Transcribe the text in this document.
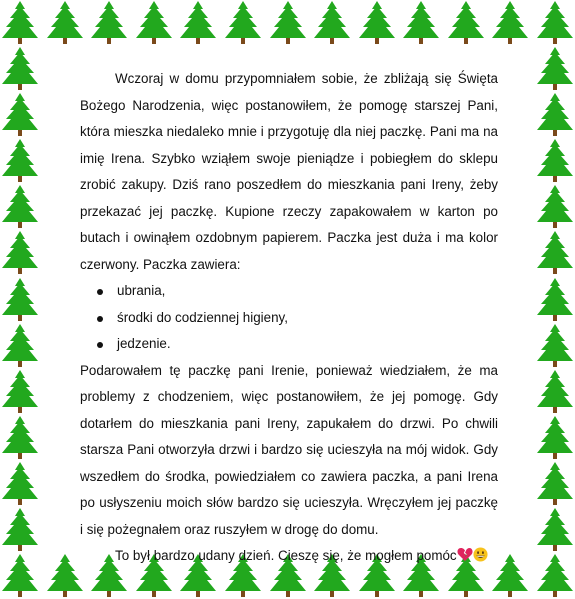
Wczoraj w domu przypomniałem sobie, że zbliżają się Święta Bożego Narodzenia, więc postanowiłem, że pomogę starszej Pani, która mieszka niedaleko mnie i przygotuję dla niej paczkę. Pani ma na imię Irena. Szybko wziąłem swoje pieniądze i pobiegłem do sklepu zrobić zakupy. Dziś rano poszedłem do mieszkania pani Ireny, żeby przekazać jej paczkę. Kupione rzeczy zapakowałem w karton po butach i owinąłem ozdobnym papierem. Paczka jest duża i ma kolor czerwony. Paczka zawiera:

ubrania,
środki do codziennej higieny,
jedzenie.

Podarowałem tę paczkę pani Irenie, ponieważ wiedziałem, że ma problemy z chodzeniem, więc postanowiłem, że jej pomogę. Gdy dotarłem do mieszkania pani Ireny, zapukałem do drzwi. Po chwili starsza Pani otworzyła drzwi i bardzo się ucieszyła na mój widok. Gdy wszedłem do środka, powiedziałem co zawiera paczka, a pani Irena po usłyszeniu moich słów bardzo się ucieszyła. Wręczyłem jej paczkę i się pożegnałem oraz ruszyłem w drogę do domu.

To był bardzo udany dzień. Cieszę się, że mogłem pomóc
